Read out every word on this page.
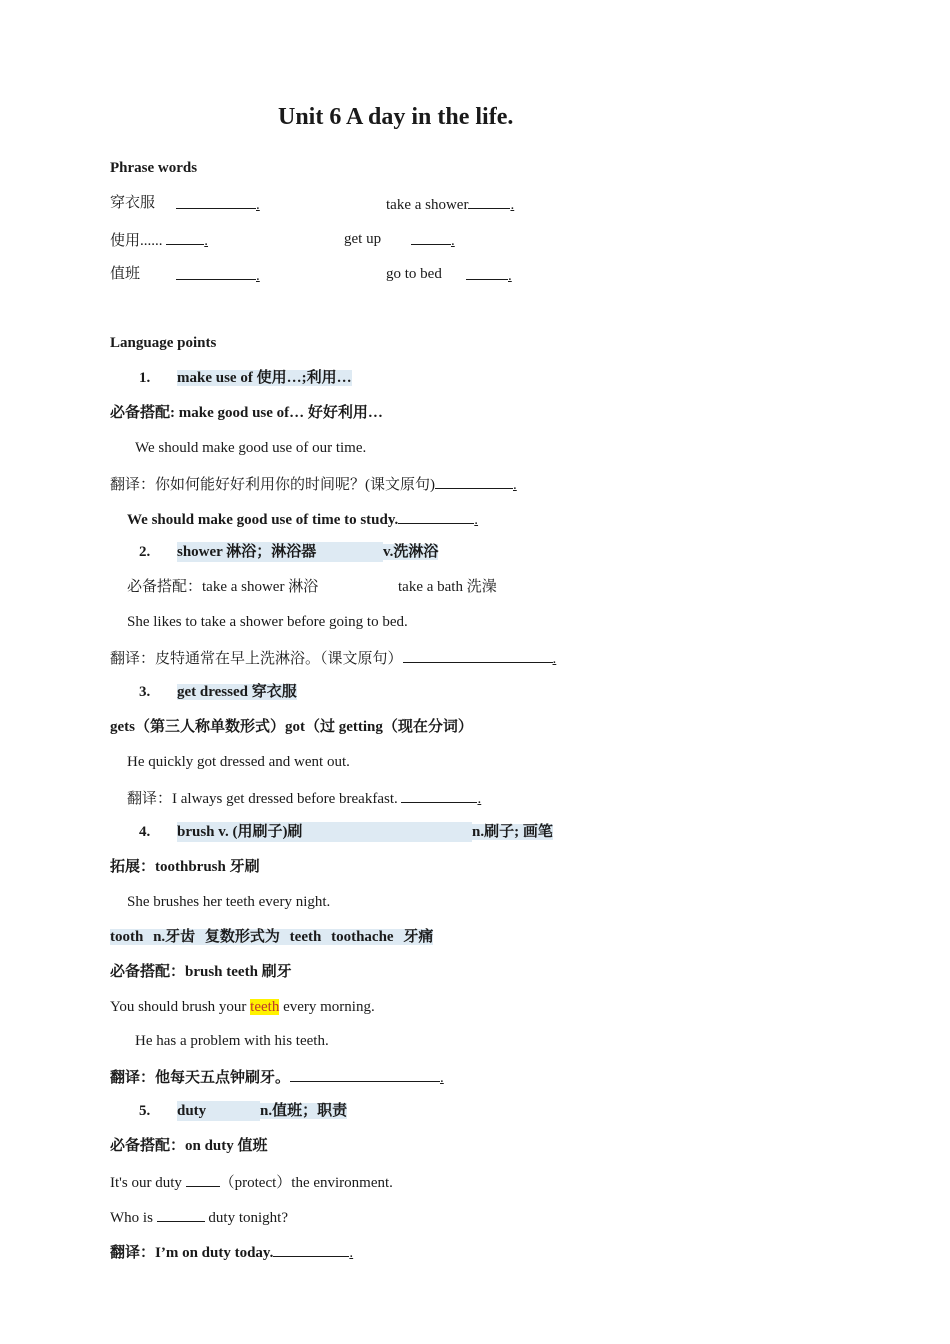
Unit 6 A day in the life.
Phrase words
穿衣服	.	take a shower	.
使用......	.	get up	.
值班	.	go to bed	.
Language points
1. make use of 使用…;利用…
必备搭配: make good use of… 好好利用…
We should make good use of our time.
翻译：你如何能好好利用你的时间呢？(课文原句)	.
We should make good use of time to study.	.
2. shower 淋浴；淋浴器	v.洗淋浴
必备搭配：take a shower 淋浴	take a bath 洗澡
She likes to take a shower before going to bed.
翻译：皮特通常在早上洗淋浴。（课文原句）	.
3. get dressed 穿衣服
gets（第三人称单数形式）got（过 getting（现在分词）
He quickly got dressed and went out.
翻译：I always get dressed before breakfast.	.
4. brush v. (用刷子)刷	n.刷子; 画笔
拓展：toothbrush 牙刷
She brushes her teeth every night.
tooth n.牙齿 复数形式为 teeth toothache 牙痛
必备搭配：brush teeth 刷牙
You should brush your teeth every morning.
He has a problem with his teeth.
翻译：他每天五点钟刷牙。	.
5. duty	n.值班；职责
必备搭配：on duty 值班
It's our duty	（protect）the environment.
Who is	duty tonight?
翻译：I’m on duty today.	.
